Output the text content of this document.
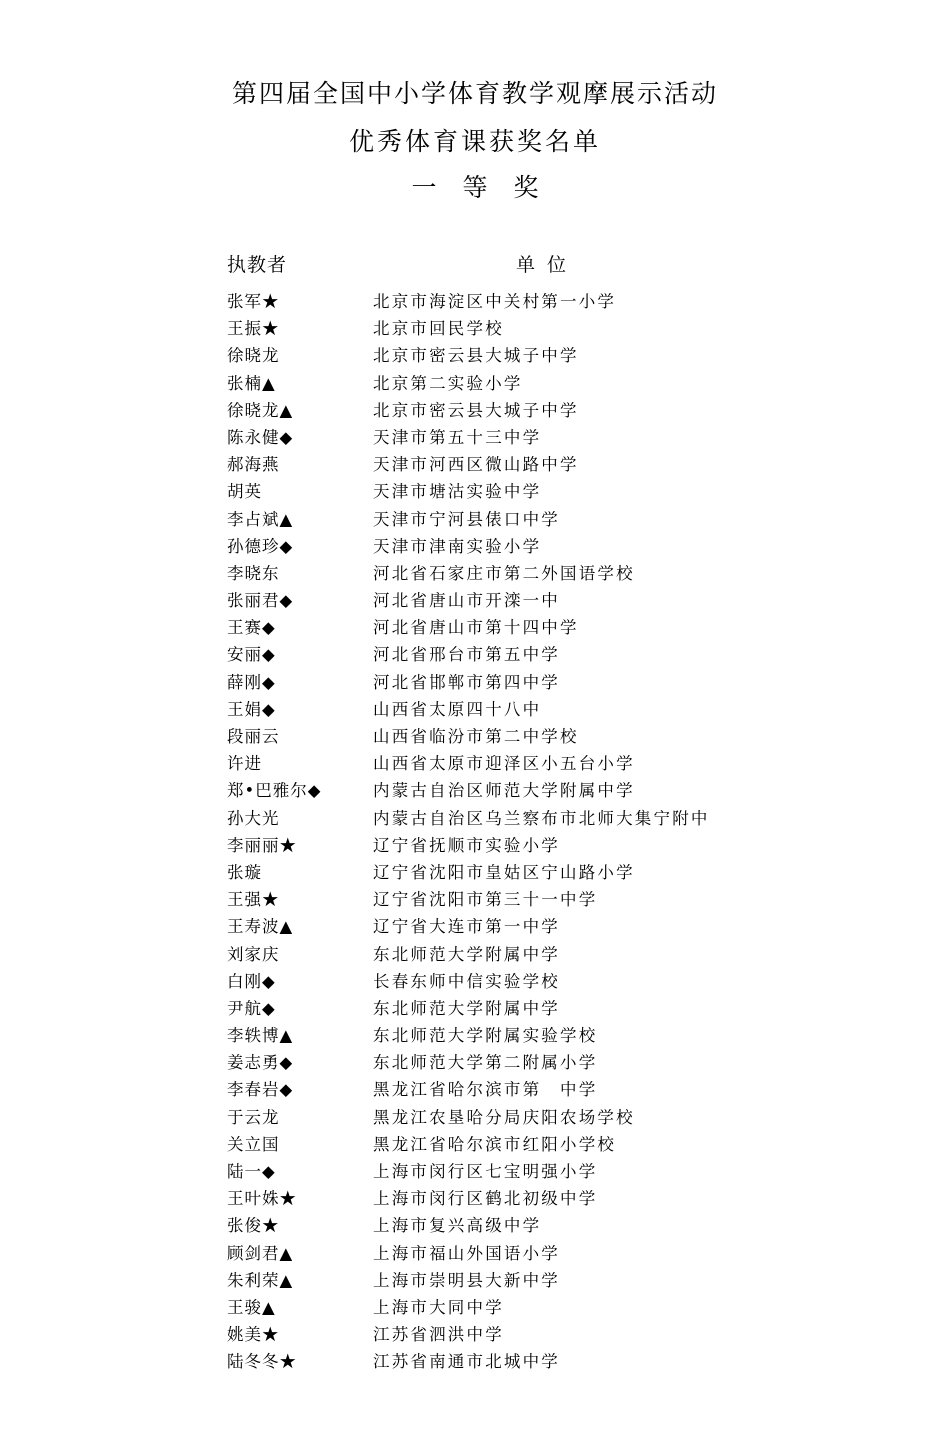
第四届全国中小学体育教学观摩展示活动
优秀体育课获奖名单
一等奖
执教者	单位
张军★	北京市海淀区中关村第一小学
王振★	北京市回民学校
徐晓龙	北京市密云县大城子中学
张楠▲	北京第二实验小学
徐晓龙▲	北京市密云县大城子中学
陈永健◆	天津市第五十三中学
郝海燕	天津市河西区微山路中学
胡英	天津市塘沽实验中学
李占斌▲	天津市宁河县俵口中学
孙德珍◆	天津市津南实验小学
李晓东	河北省石家庄市第二外国语学校
张丽君◆	河北省唐山市开滦一中
王赛◆	河北省唐山市第十四中学
安丽◆	河北省邢台市第五中学
薛刚◆	河北省邯郸市第四中学
王娟◆	山西省太原四十八中
段丽云	山西省临汾市第二中学校
许进	山西省太原市迎泽区小五台小学
郑•巴雅尔◆	内蒙古自治区师范大学附属中学
孙大光	内蒙古自治区乌兰察布市北师大集宁附中
李丽丽★	辽宁省抚顺市实验小学
张璇	辽宁省沈阳市皇姑区宁山路小学
王强★	辽宁省沈阳市第三十一中学
王寿波▲	辽宁省大连市第一中学
刘家庆	东北师范大学附属中学
白刚◆	长春东师中信实验学校
尹航◆	东北师范大学附属中学
李轶博▲	东北师范大学附属实验学校
姜志勇◆	东北师范大学第二附属小学
李春岩◆	黑龙江省哈尔滨市第　中学
于云龙	黑龙江农垦哈分局庆阳农场学校
关立国	黑龙江省哈尔滨市红阳小学校
陆一◆	上海市闵行区七宝明强小学
王叶姝★	上海市闵行区鹤北初级中学
张俊★	上海市复兴高级中学
顾剑君▲	上海市福山外国语小学
朱利荣▲	上海市崇明县大新中学
王骏▲	上海市大同中学
姚美★	江苏省泗洪中学
陆冬冬★	江苏省南通市北城中学
